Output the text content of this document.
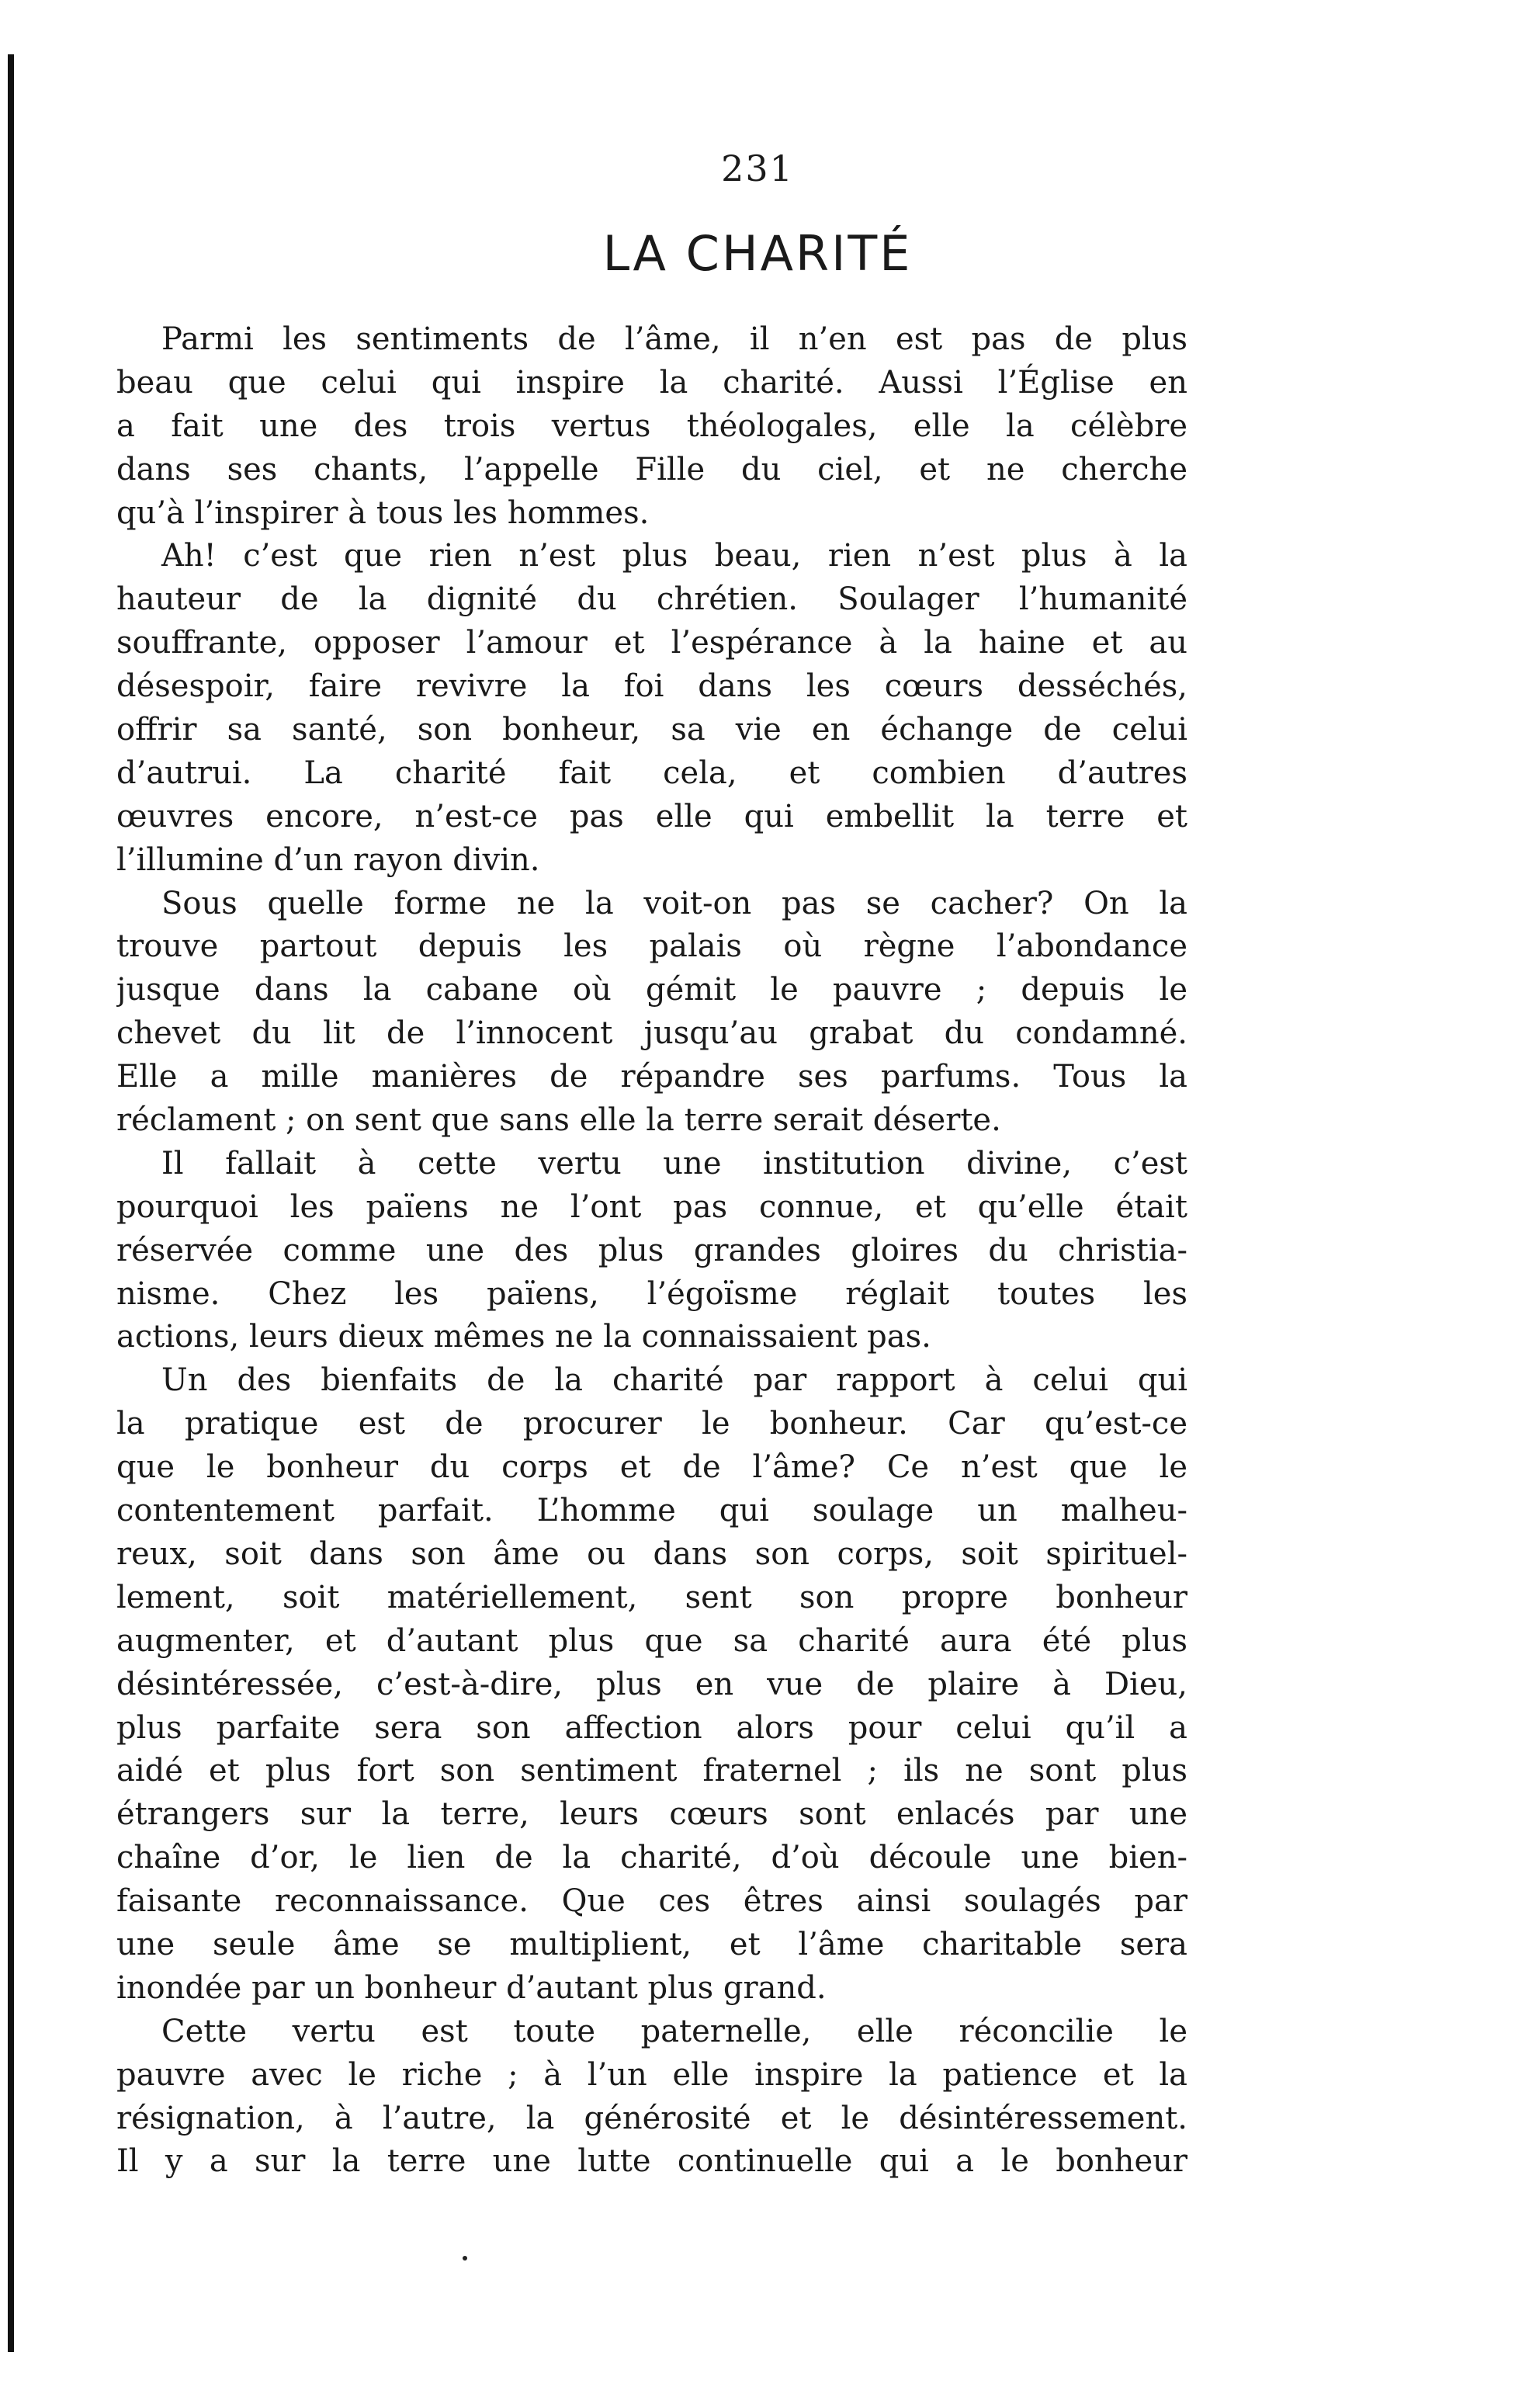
231
LA CHARITÉ
Parmi les sentiments de l’âme, il n’en est pas de plus
beau que celui qui inspire la charité. Aussi l’Église en
a fait une des trois vertus théologales, elle la célèbre
dans ses chants, l’appelle Fille du ciel, et ne cherche
qu’à l’inspirer à tous les hommes.
Ah! c’est que rien n’est plus beau, rien n’est plus à la
hauteur de la dignité du chrétien. Soulager l’humanité
souffrante, opposer l’amour et l’espérance à la haine et au
désespoir, faire revivre la foi dans les cœurs desséchés,
offrir sa santé, son bonheur, sa vie en échange de celui
d’autrui. La charité fait cela, et combien d’autres
œuvres encore, n’est-ce pas elle qui embellit la terre et
l’illumine d’un rayon divin.
Sous quelle forme ne la voit-on pas se cacher? On la
trouve partout depuis les palais où règne l’abondance
jusque dans la cabane où gémit le pauvre ; depuis le
chevet du lit de l’innocent jusqu’au grabat du condamné.
Elle a mille manières de répandre ses parfums. Tous la
réclament ; on sent que sans elle la terre serait déserte.
Il fallait à cette vertu une institution divine, c’est
pourquoi les païens ne l’ont pas connue, et qu’elle était
réservée comme une des plus grandes gloires du christia-
nisme. Chez les païens, l’égoïsme réglait toutes les
actions, leurs dieux mêmes ne la connaissaient pas.
Un des bienfaits de la charité par rapport à celui qui
la pratique est de procurer le bonheur. Car qu’est-ce
que le bonheur du corps et de l’âme? Ce n’est que le
contentement parfait. L’homme qui soulage un malheu-
reux, soit dans son âme ou dans son corps, soit spirituel-
lement, soit matériellement, sent son propre bonheur
augmenter, et d’autant plus que sa charité aura été plus
désintéressée, c’est-à-dire, plus en vue de plaire à Dieu,
plus parfaite sera son affection alors pour celui qu’il a
aidé et plus fort son sentiment fraternel ; ils ne sont plus
étrangers sur la terre, leurs cœurs sont enlacés par une
chaîne d’or, le lien de la charité, d’où découle une bien-
faisante reconnaissance. Que ces êtres ainsi soulagés par
une seule âme se multiplient, et l’âme charitable sera
inondée par un bonheur d’autant plus grand.
Cette vertu est toute paternelle, elle réconcilie le
pauvre avec le riche ; à l’un elle inspire la patience et la
résignation, à l’autre, la générosité et le désintéressement.
Il y a sur la terre une lutte continuelle qui a le bonheur
